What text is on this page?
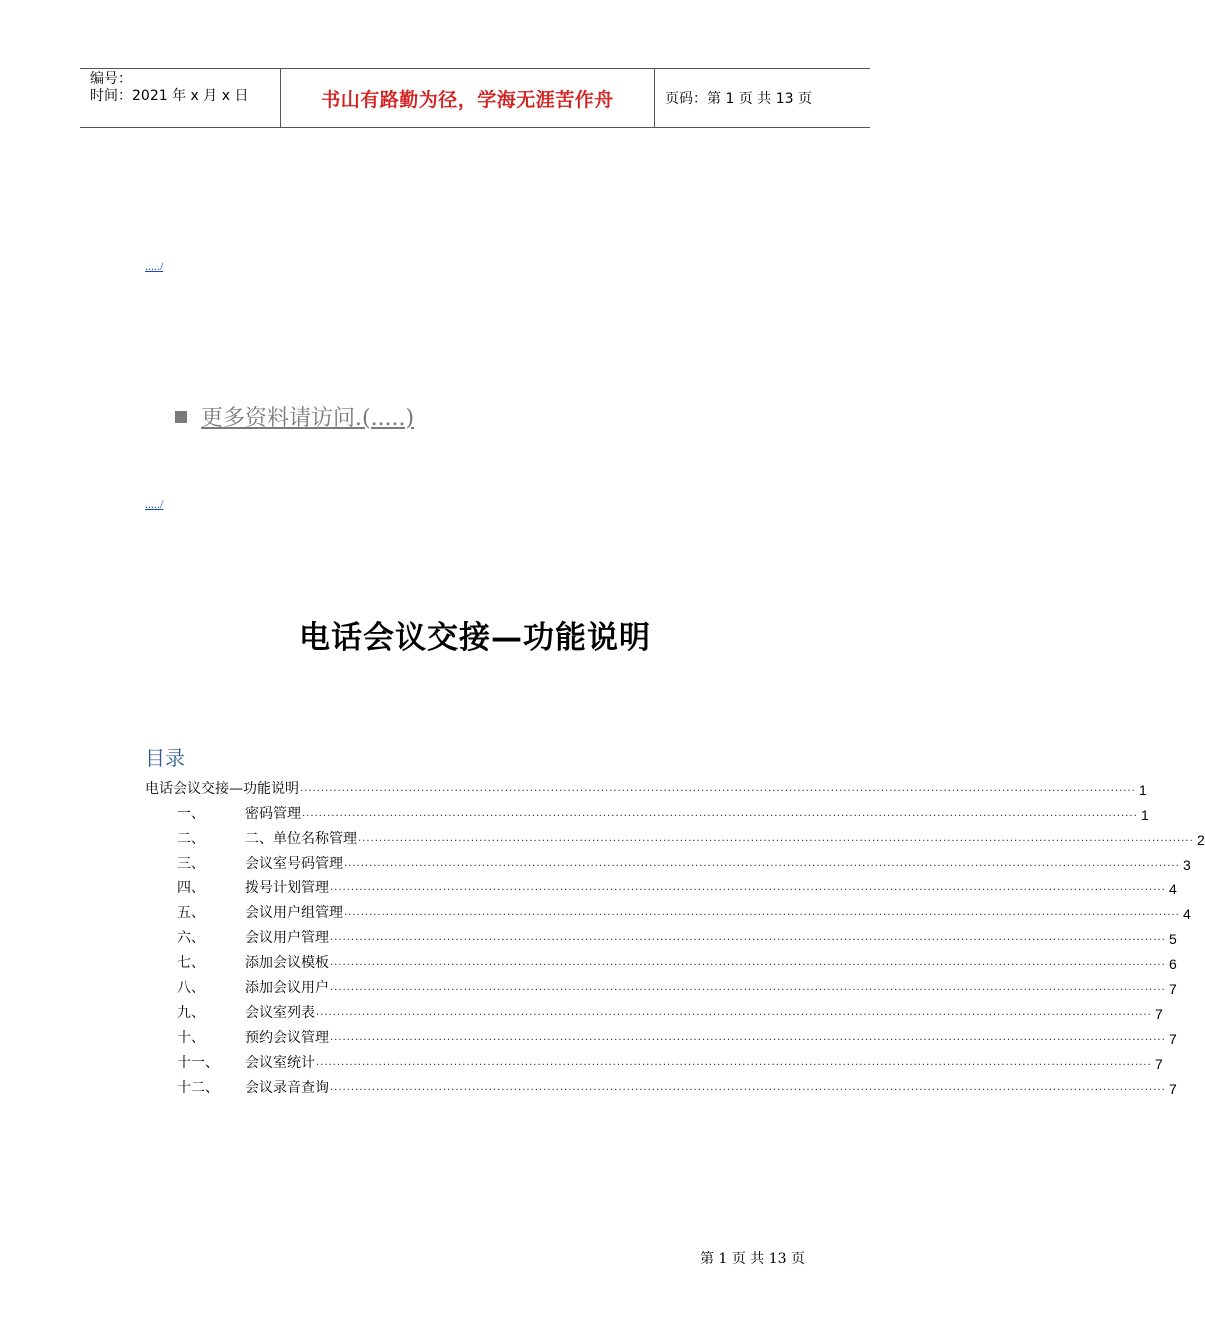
编号：
时间：2021 年 x 月 x 日	书山有路勤为径，学海无涯苦作舟	页码：第 1 页 共 13 页
...../
更多资料请访问.(.....)
...../
电话会议交接—功能说明
目录
电话会议交接—功能说明 ........................................................................................................................................................................................................ 1
一、	密码管理 ........................................................................................................................................................................................................ 1
二、	二、单位名称管理 ........................................................................................................................................................................................................ 2
三、	会议室号码管理 ........................................................................................................................................................................................................ 3
四、	拨号计划管理 ........................................................................................................................................................................................................ 4
五、	会议用户组管理 ........................................................................................................................................................................................................ 4
六、	会议用户管理 ........................................................................................................................................................................................................ 5
七、	添加会议模板 ........................................................................................................................................................................................................ 6
八、	添加会议用户 ........................................................................................................................................................................................................ 7
九、	会议室列表 ........................................................................................................................................................................................................ 7
十、	预约会议管理 ........................................................................................................................................................................................................ 7
十一、	会议室统计 ........................................................................................................................................................................................................ 7
十二、	会议录音查询 ........................................................................................................................................................................................................ 7
第 1 页 共 13 页
